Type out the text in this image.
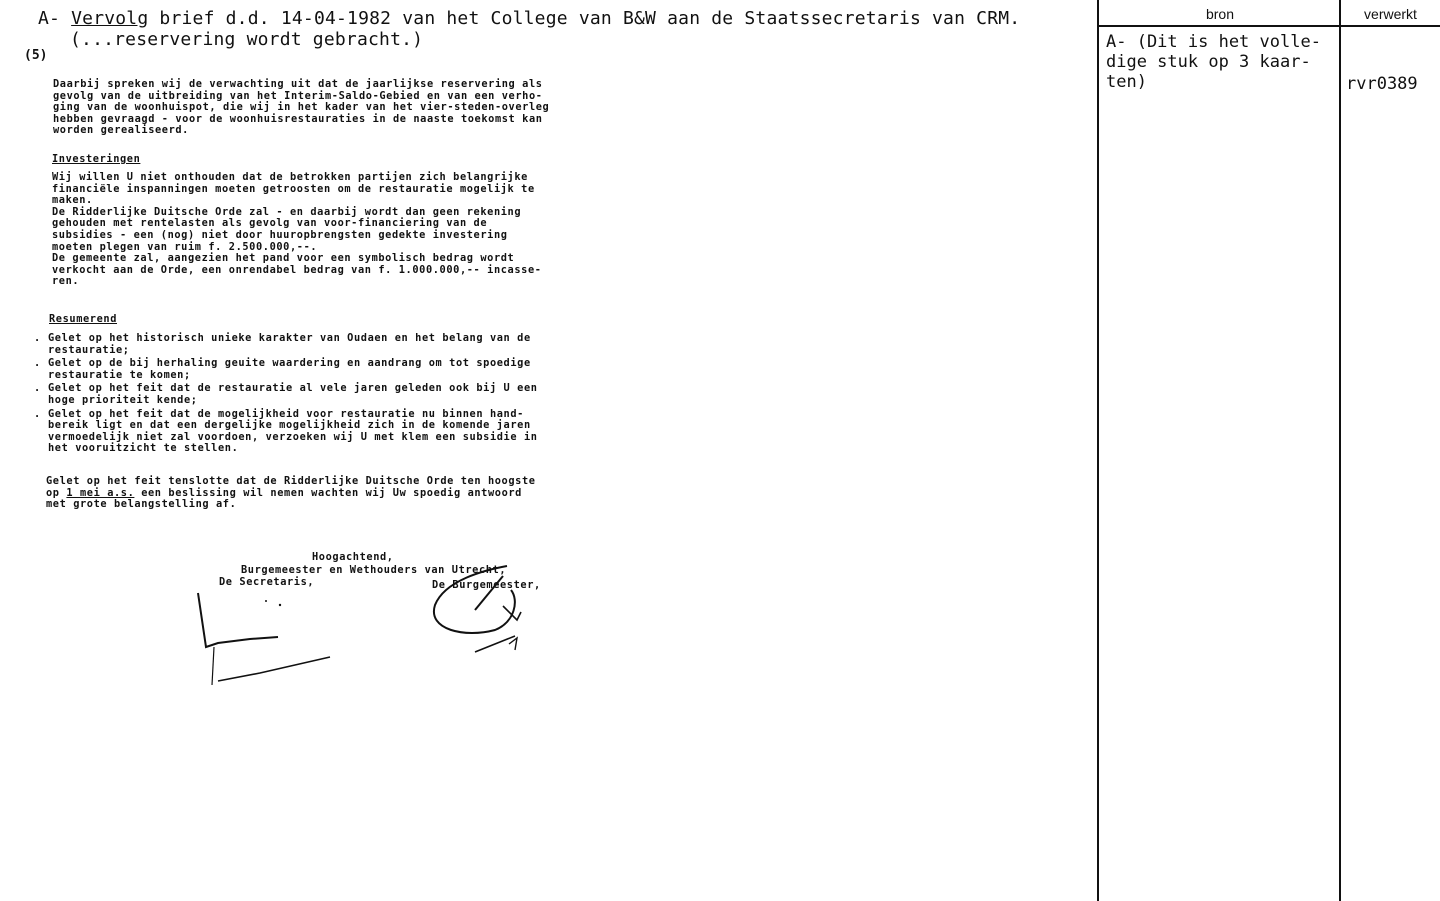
A- Vervolg brief d.d. 14-04-1982 van het College van B&W aan de Staatssecretaris van CRM.
(...reservering wordt gebracht.)
(5)
Daarbij spreken wij de verwachting uit dat de jaarlijkse reservering als
gevolg van de uitbreiding van het Interim-Saldo-Gebied en van een verho-
ging van de woonhuispot, die wij in het kader van het vier-steden-overleg
hebben gevraagd - voor de woonhuisrestauraties in de naaste toekomst kan
worden gerealiseerd.
Investeringen
Wij willen U niet onthouden dat de betrokken partijen zich belangrijke
financiële inspanningen moeten getroosten om de restauratie mogelijk te
maken.
De Ridderlijke Duitsche Orde zal - en daarbij wordt dan geen rekening
gehouden met rentelasten als gevolg van voor-financiering van de
subsidies - een (nog) niet door huuropbrengsten gedekte investering
moeten plegen van ruim f. 2.500.000,--.
De gemeente zal, aangezien het pand voor een symbolisch bedrag wordt
verkocht aan de Orde, een onrendabel bedrag van f. 1.000.000,-- incasse-
ren.
Resumerend
. Gelet op het historisch unieke karakter van Oudaen en het belang van de
restauratie;
. Gelet op de bij herhaling geuite waardering en aandrang om tot spoedige
restauratie te komen;
. Gelet op het feit dat de restauratie al vele jaren geleden ook bij U een
hoge prioriteit kende;
. Gelet op het feit dat de mogelijkheid voor restauratie nu binnen hand-
bereik ligt en dat een dergelijke mogelijkheid zich in de komende jaren
vermoedelijk niet zal voordoen, verzoeken wij U met klem een subsidie in
het vooruitzicht te stellen.
Gelet op het feit tenslotte dat de Ridderlijke Duitsche Orde ten hoogste
op 1 mei a.s. een beslissing wil nemen wachten wij Uw spoedig antwoord
met grote belangstelling af.
Hoogachtend,
Burgemeester en Wethouders van Utrecht,
De Secretaris,	De Burgemeester,
bron	verwerkt
A- (Dit is het volle-
dige stuk op 3 kaar-
ten)	rvr0389
